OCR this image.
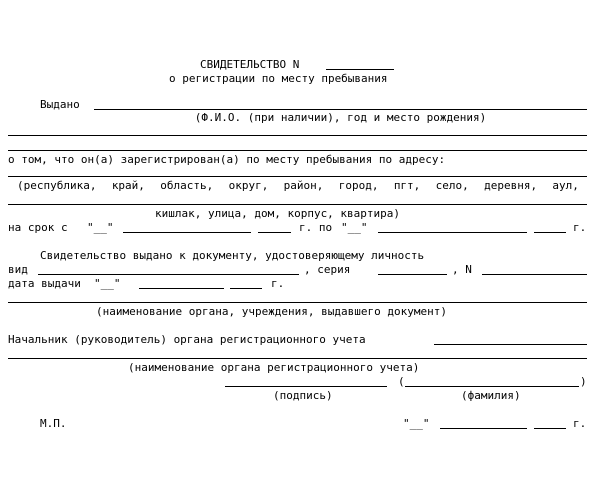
СВИДЕТЕЛЬСТВО N
о регистрации по месту пребывания
Выдано
(Ф.И.О. (при наличии), год и место рождения)
о том, что он(а) зарегистрирован(а) по месту пребывания по адресу:
(республика, край, область, округ, район, город, пгт, село, деревня, аул,
кишлак, улица, дом, корпус, квартира)
на срок с "__"	г. по "__"	г.
Свидетельство выдано к документу, удостоверяющему личность
вид	, серия	, N
дата выдачи "__"	г.
(наименование органа, учреждения, выдавшего документ)
Начальник (руководитель) органа регистрационного учета
(наименование органа регистрационного учета)
(	)
(подпись)	(фамилия)
М.П.	"__"	г.
